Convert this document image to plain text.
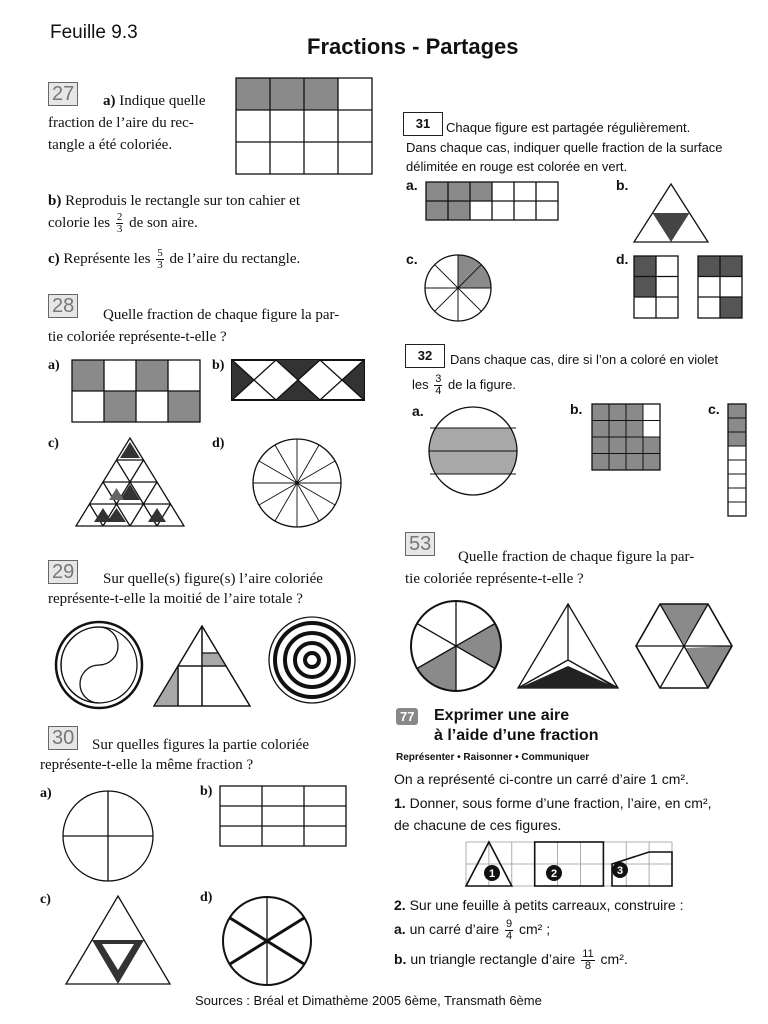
Feuille 9.3
Fractions - Partages
27 a) Indique quelle
fraction de l’aire du rec-
tangle a été coloriée.
b) Reproduis le rectangle sur ton cahier et
colorie les $\frac{2}{3}$ de son aire.
c) Représente les $\frac{5}{3}$ de l’aire du rectangle.
28 Quelle fraction de chaque figure la par-
tie coloriée représente-t-elle ?
a)	b)
c)	d)
29 Sur quelle(s) figure(s) l’aire coloriée
représente-t-elle la moitié de l’aire totale ?
30 Sur quelles figures la partie coloriée
représente-t-elle la même fraction ?
a)	b)
c)	d)
31	Chaque figure est partagée régulièrement.
Dans chaque cas, indiquer quelle fraction de la surface
délimitée en rouge est colorée en vert.
a.	b.
c.	d.
32	Dans chaque cas, dire si l’on a coloré en violet
les $\frac{3}{4}$ de la figure.
a.	b.	c.
53
Quelle fraction de chaque figure la par-
tie coloriée représente-t-elle ?
77 Exprimer une aire
à l’aide d’une fraction
Représenter • Raisonner • Communiquer
On a représenté ci-contre un carré d’aire 1 cm².
1. Donner, sous forme d’une fraction, l’aire, en cm²,
de chacune de ces figures.
1	2	3
2. Sur une feuille à petits carreaux, construire :
a. un carré d’aire $\frac{9}{4} cm^2$ ;
b. un triangle rectangle d’aire $\frac{11}{8} cm^2$.
Sources : Bréal et Dimathème 2005 6ème, Transmath 6ème
